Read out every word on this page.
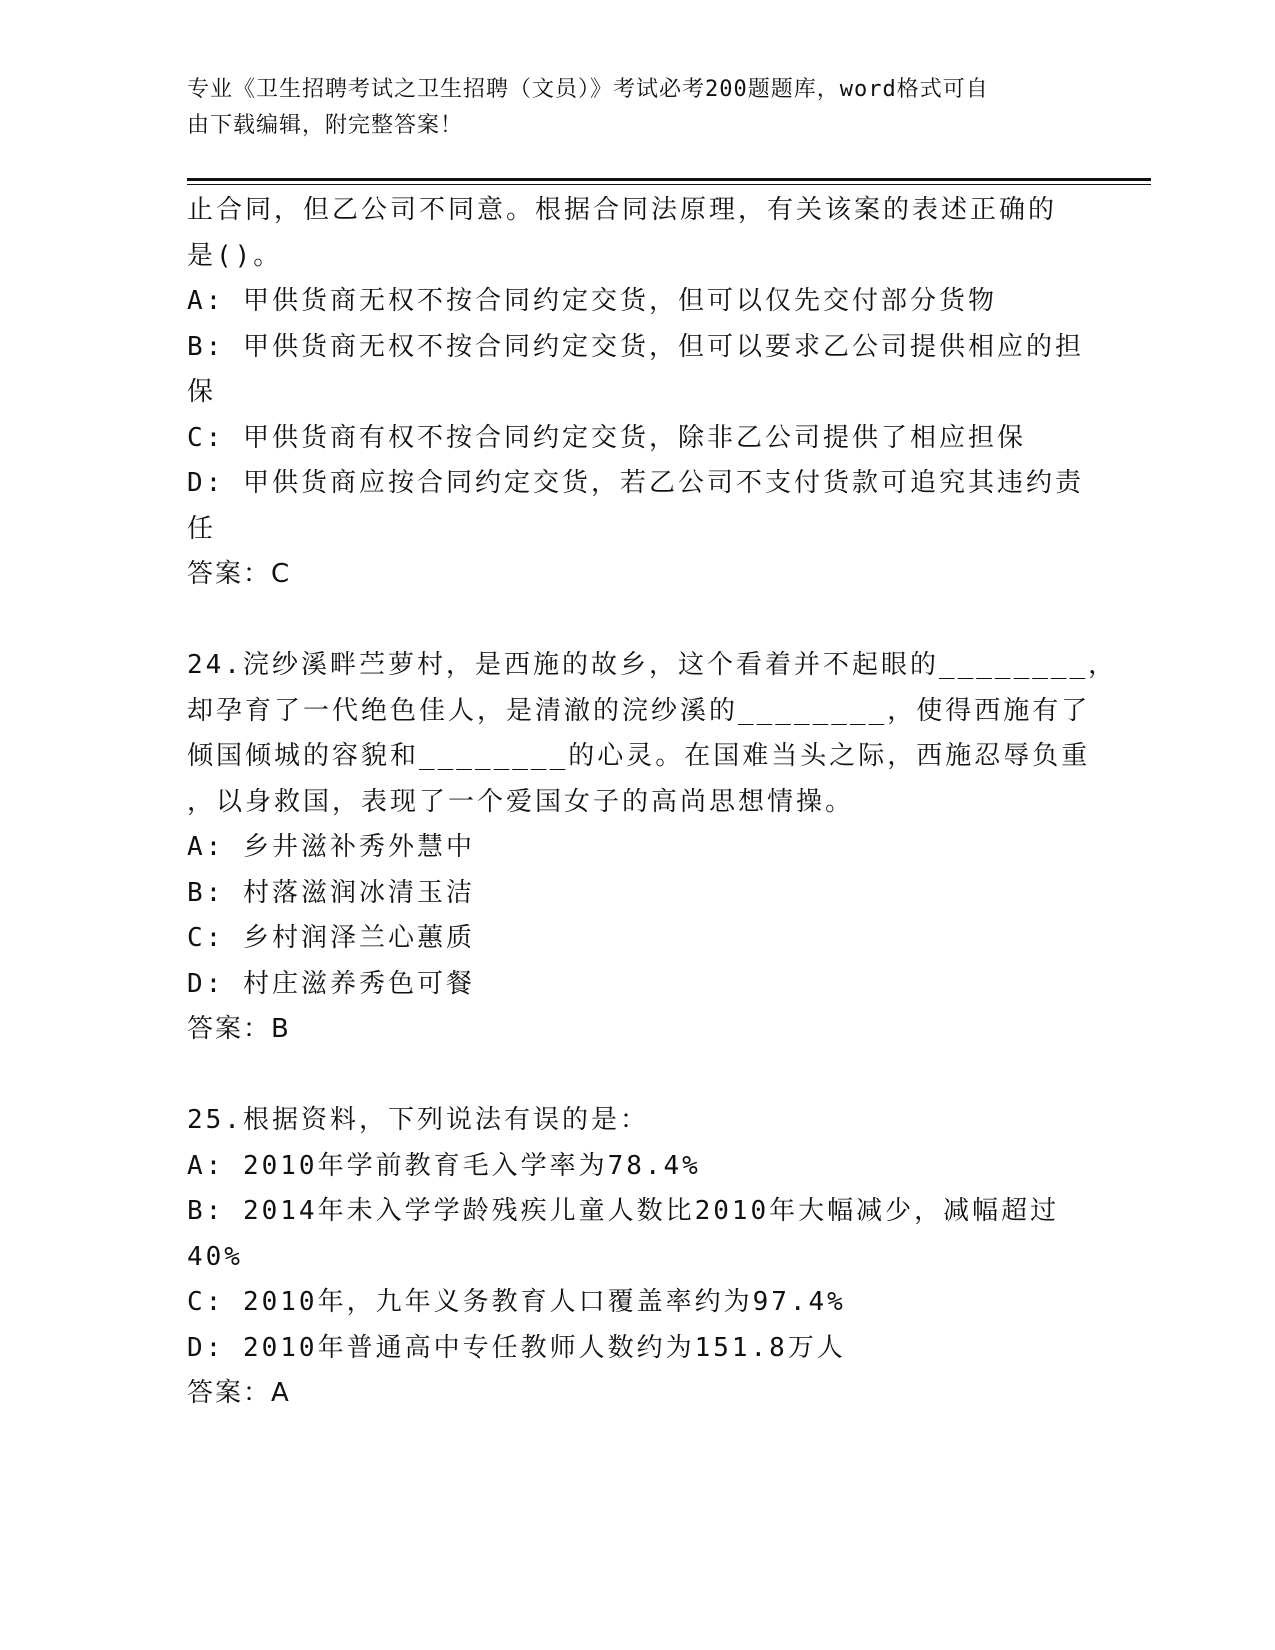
专业《卫生招聘考试之卫生招聘（文员）》考试必考200题题库，word格式可自
由下载编辑，附完整答案！
止合同，但乙公司不同意。根据合同法原理，有关该案的表述正确的
是()。
A: 甲供货商无权不按合同约定交货，但可以仅先交付部分货物
B: 甲供货商无权不按合同约定交货，但可以要求乙公司提供相应的担
保
C: 甲供货商有权不按合同约定交货，除非乙公司提供了相应担保
D: 甲供货商应按合同约定交货，若乙公司不支付货款可追究其违约责
任
答案：C
24.浣纱溪畔苎萝村，是西施的故乡，这个看着并不起眼的________，
却孕育了一代绝色佳人，是清澈的浣纱溪的________，使得西施有了
倾国倾城的容貌和________的心灵。在国难当头之际，西施忍辱负重
，以身救国，表现了一个爱国女子的高尚思想情操。
A: 乡井滋补秀外慧中
B: 村落滋润冰清玉洁
C: 乡村润泽兰心蕙质
D: 村庄滋养秀色可餐
答案：B
25.根据资料，下列说法有误的是：
A: 2010年学前教育毛入学率为78.4%
B: 2014年未入学学龄残疾儿童人数比2010年大幅减少，减幅超过
40%
C: 2010年，九年义务教育人口覆盖率约为97.4%
D: 2010年普通高中专任教师人数约为151.8万人
答案：A
